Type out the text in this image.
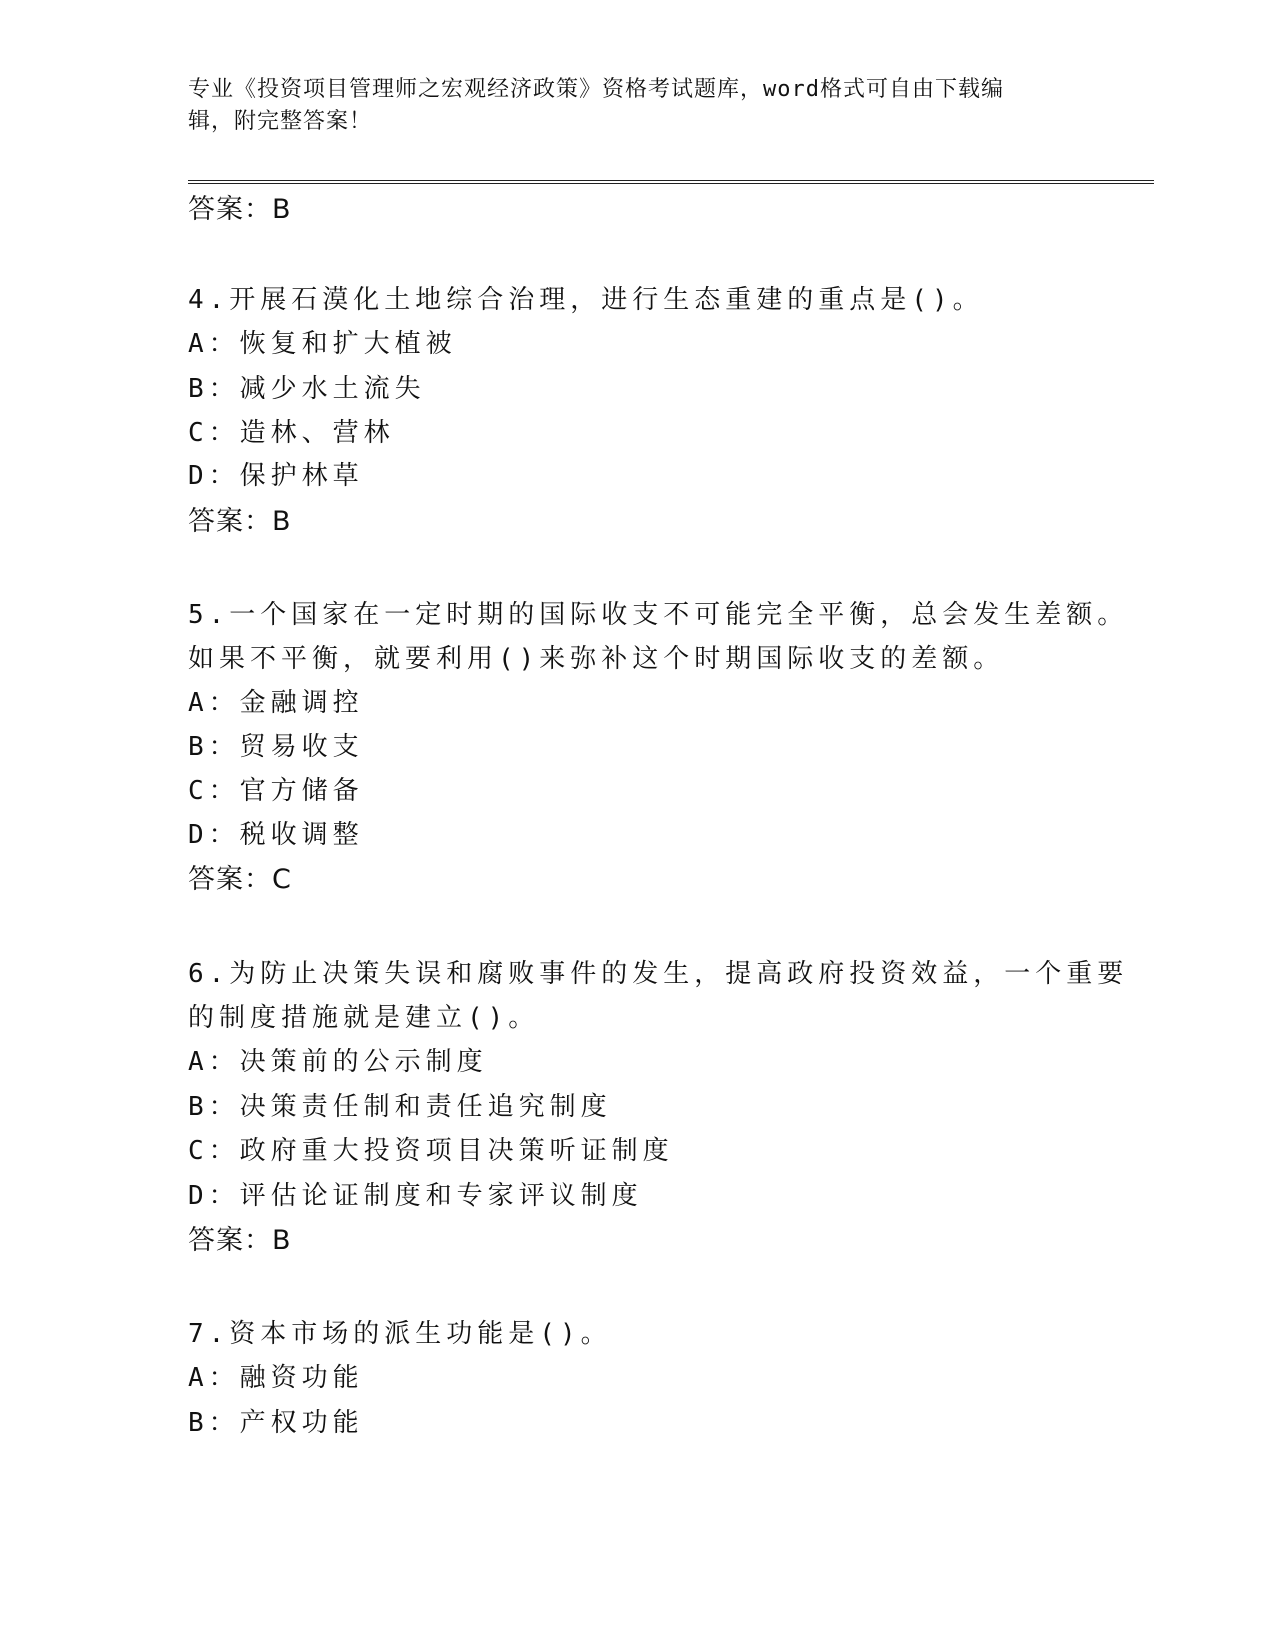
专业《投资项目管理师之宏观经济政策》资格考试题库，word格式可自由下载编
辑，附完整答案！
答案：B
4.开展石漠化土地综合治理，进行生态重建的重点是()。
A：恢复和扩大植被
B：减少水土流失
C：造林、营林
D：保护林草
答案：B
5.一个国家在一定时期的国际收支不可能完全平衡，总会发生差额。
如果不平衡，就要利用()来弥补这个时期国际收支的差额。
A：金融调控
B：贸易收支
C：官方储备
D：税收调整
答案：C
6.为防止决策失误和腐败事件的发生，提高政府投资效益，一个重要
的制度措施就是建立()。
A：决策前的公示制度
B：决策责任制和责任追究制度
C：政府重大投资项目决策听证制度
D：评估论证制度和专家评议制度
答案：B
7.资本市场的派生功能是()。
A：融资功能
B：产权功能
